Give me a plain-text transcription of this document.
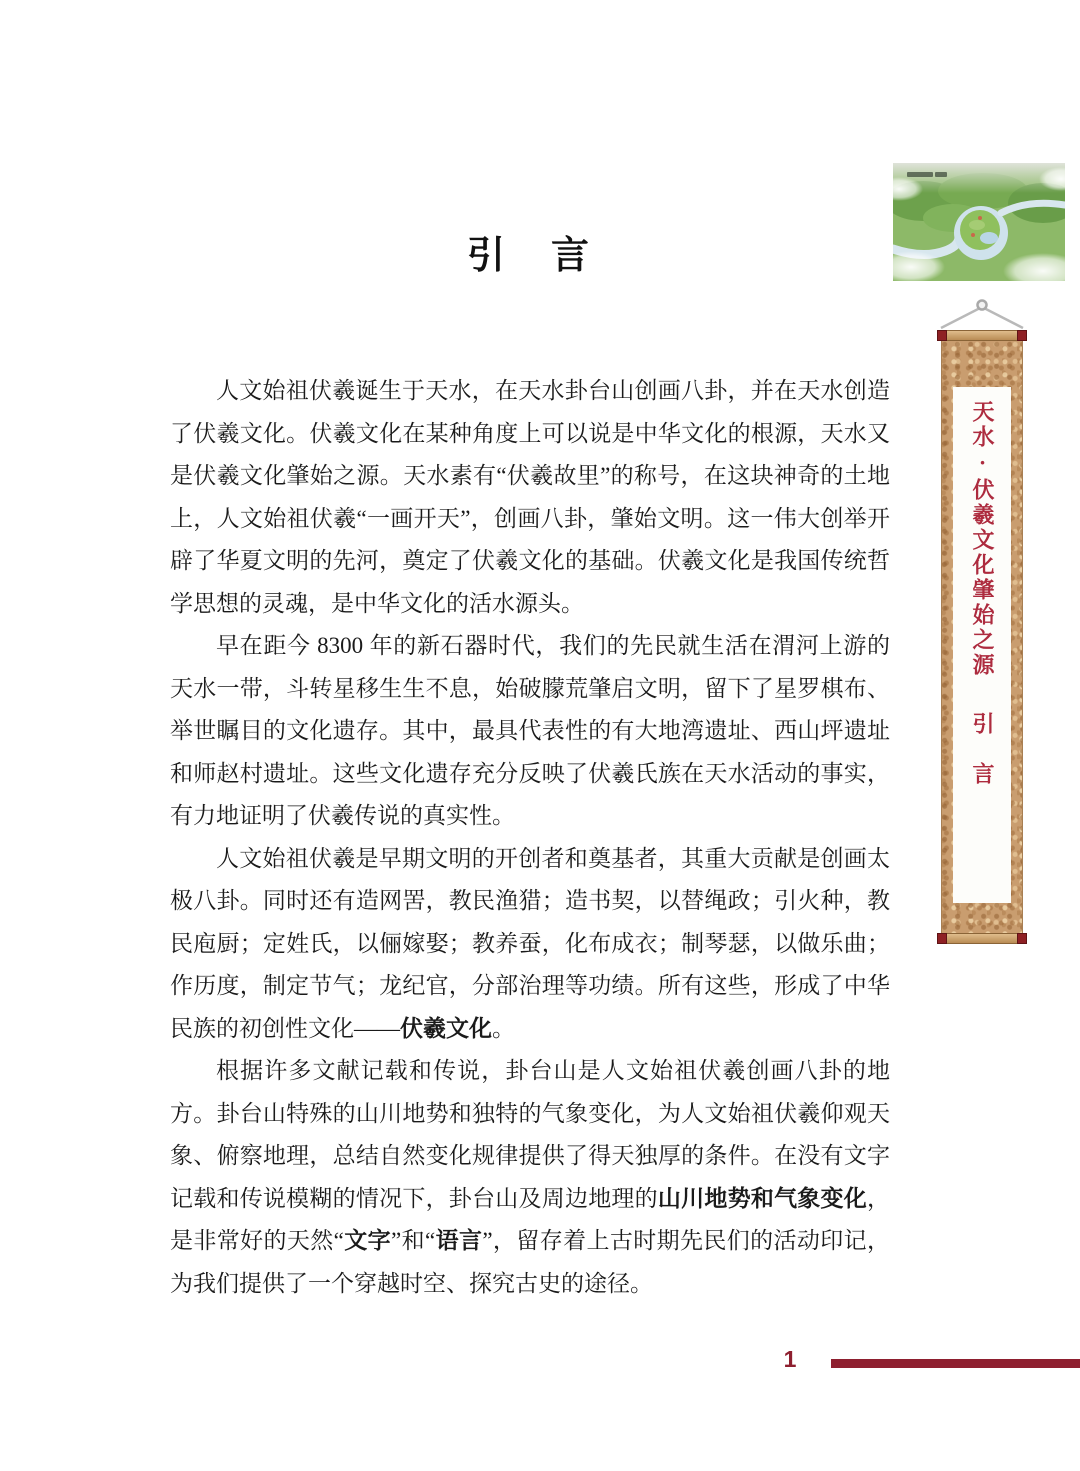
引　言

人文始祖伏羲诞生于天水，在天水卦台山创画八卦，并在天水创造了伏羲文化。伏羲文化在某种角度上可以说是中华文化的根源，天水又是伏羲文化肇始之源。天水素有“伏羲故里”的称号，在这块神奇的土地上，人文始祖伏羲“一画开天”，创画八卦，肇始文明。这一伟大创举开辟了华夏文明的先河，奠定了伏羲文化的基础。伏羲文化是我国传统哲学思想的灵魂，是中华文化的活水源头。

早在距今 8300 年的新石器时代，我们的先民就生活在渭河上游的天水一带，斗转星移生生不息，始破朦荒肇启文明，留下了星罗棋布、举世瞩目的文化遗存。其中，最具代表性的有大地湾遗址、西山坪遗址和师赵村遗址。这些文化遗存充分反映了伏羲氏族在天水活动的事实，有力地证明了伏羲传说的真实性。

人文始祖伏羲是早期文明的开创者和奠基者，其重大贡献是创画太极八卦。同时还有造网罟，教民渔猎；造书契，以替绳政；引火种，教民庖厨；定姓氏，以俪嫁娶；教养蚕，化布成衣；制琴瑟，以做乐曲；作历度，制定节气；龙纪官，分部治理等功绩。所有这些，形成了中华民族的初创性文化——伏羲文化。

根据许多文献记载和传说，卦台山是人文始祖伏羲创画八卦的地方。卦台山特殊的山川地势和独特的气象变化，为人文始祖伏羲仰观天象、俯察地理，总结自然变化规律提供了得天独厚的条件。在没有文字记载和传说模糊的情况下，卦台山及周边地理的山川地势和气象变化，是非常好的天然“文字”和“语言”，留存着上古时期先民们的活动印记，为我们提供了一个穿越时空、探究古史的途径。

天水·伏羲文化肇始之源
引　言
1
